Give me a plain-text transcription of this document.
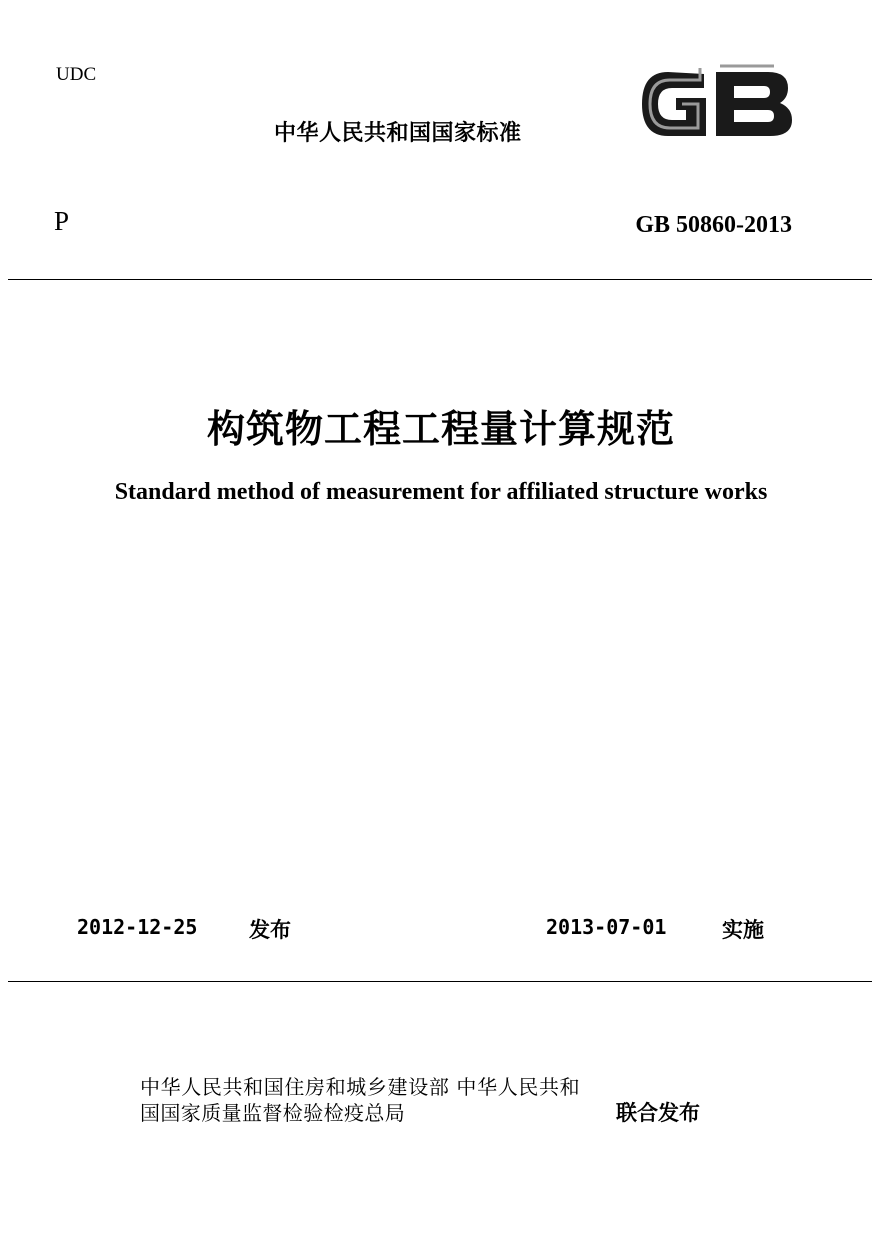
UDC
中华人民共和国国家标准
P	GB 50860-2013
构筑物工程工程量计算规范
Standard method of measurement for affiliated structure works
2012-12-25 发布	2013-07-01	实施
中华人民共和国住房和城乡建设部 中华人民共和国国家质量监督检验检疫总局	联合发布
